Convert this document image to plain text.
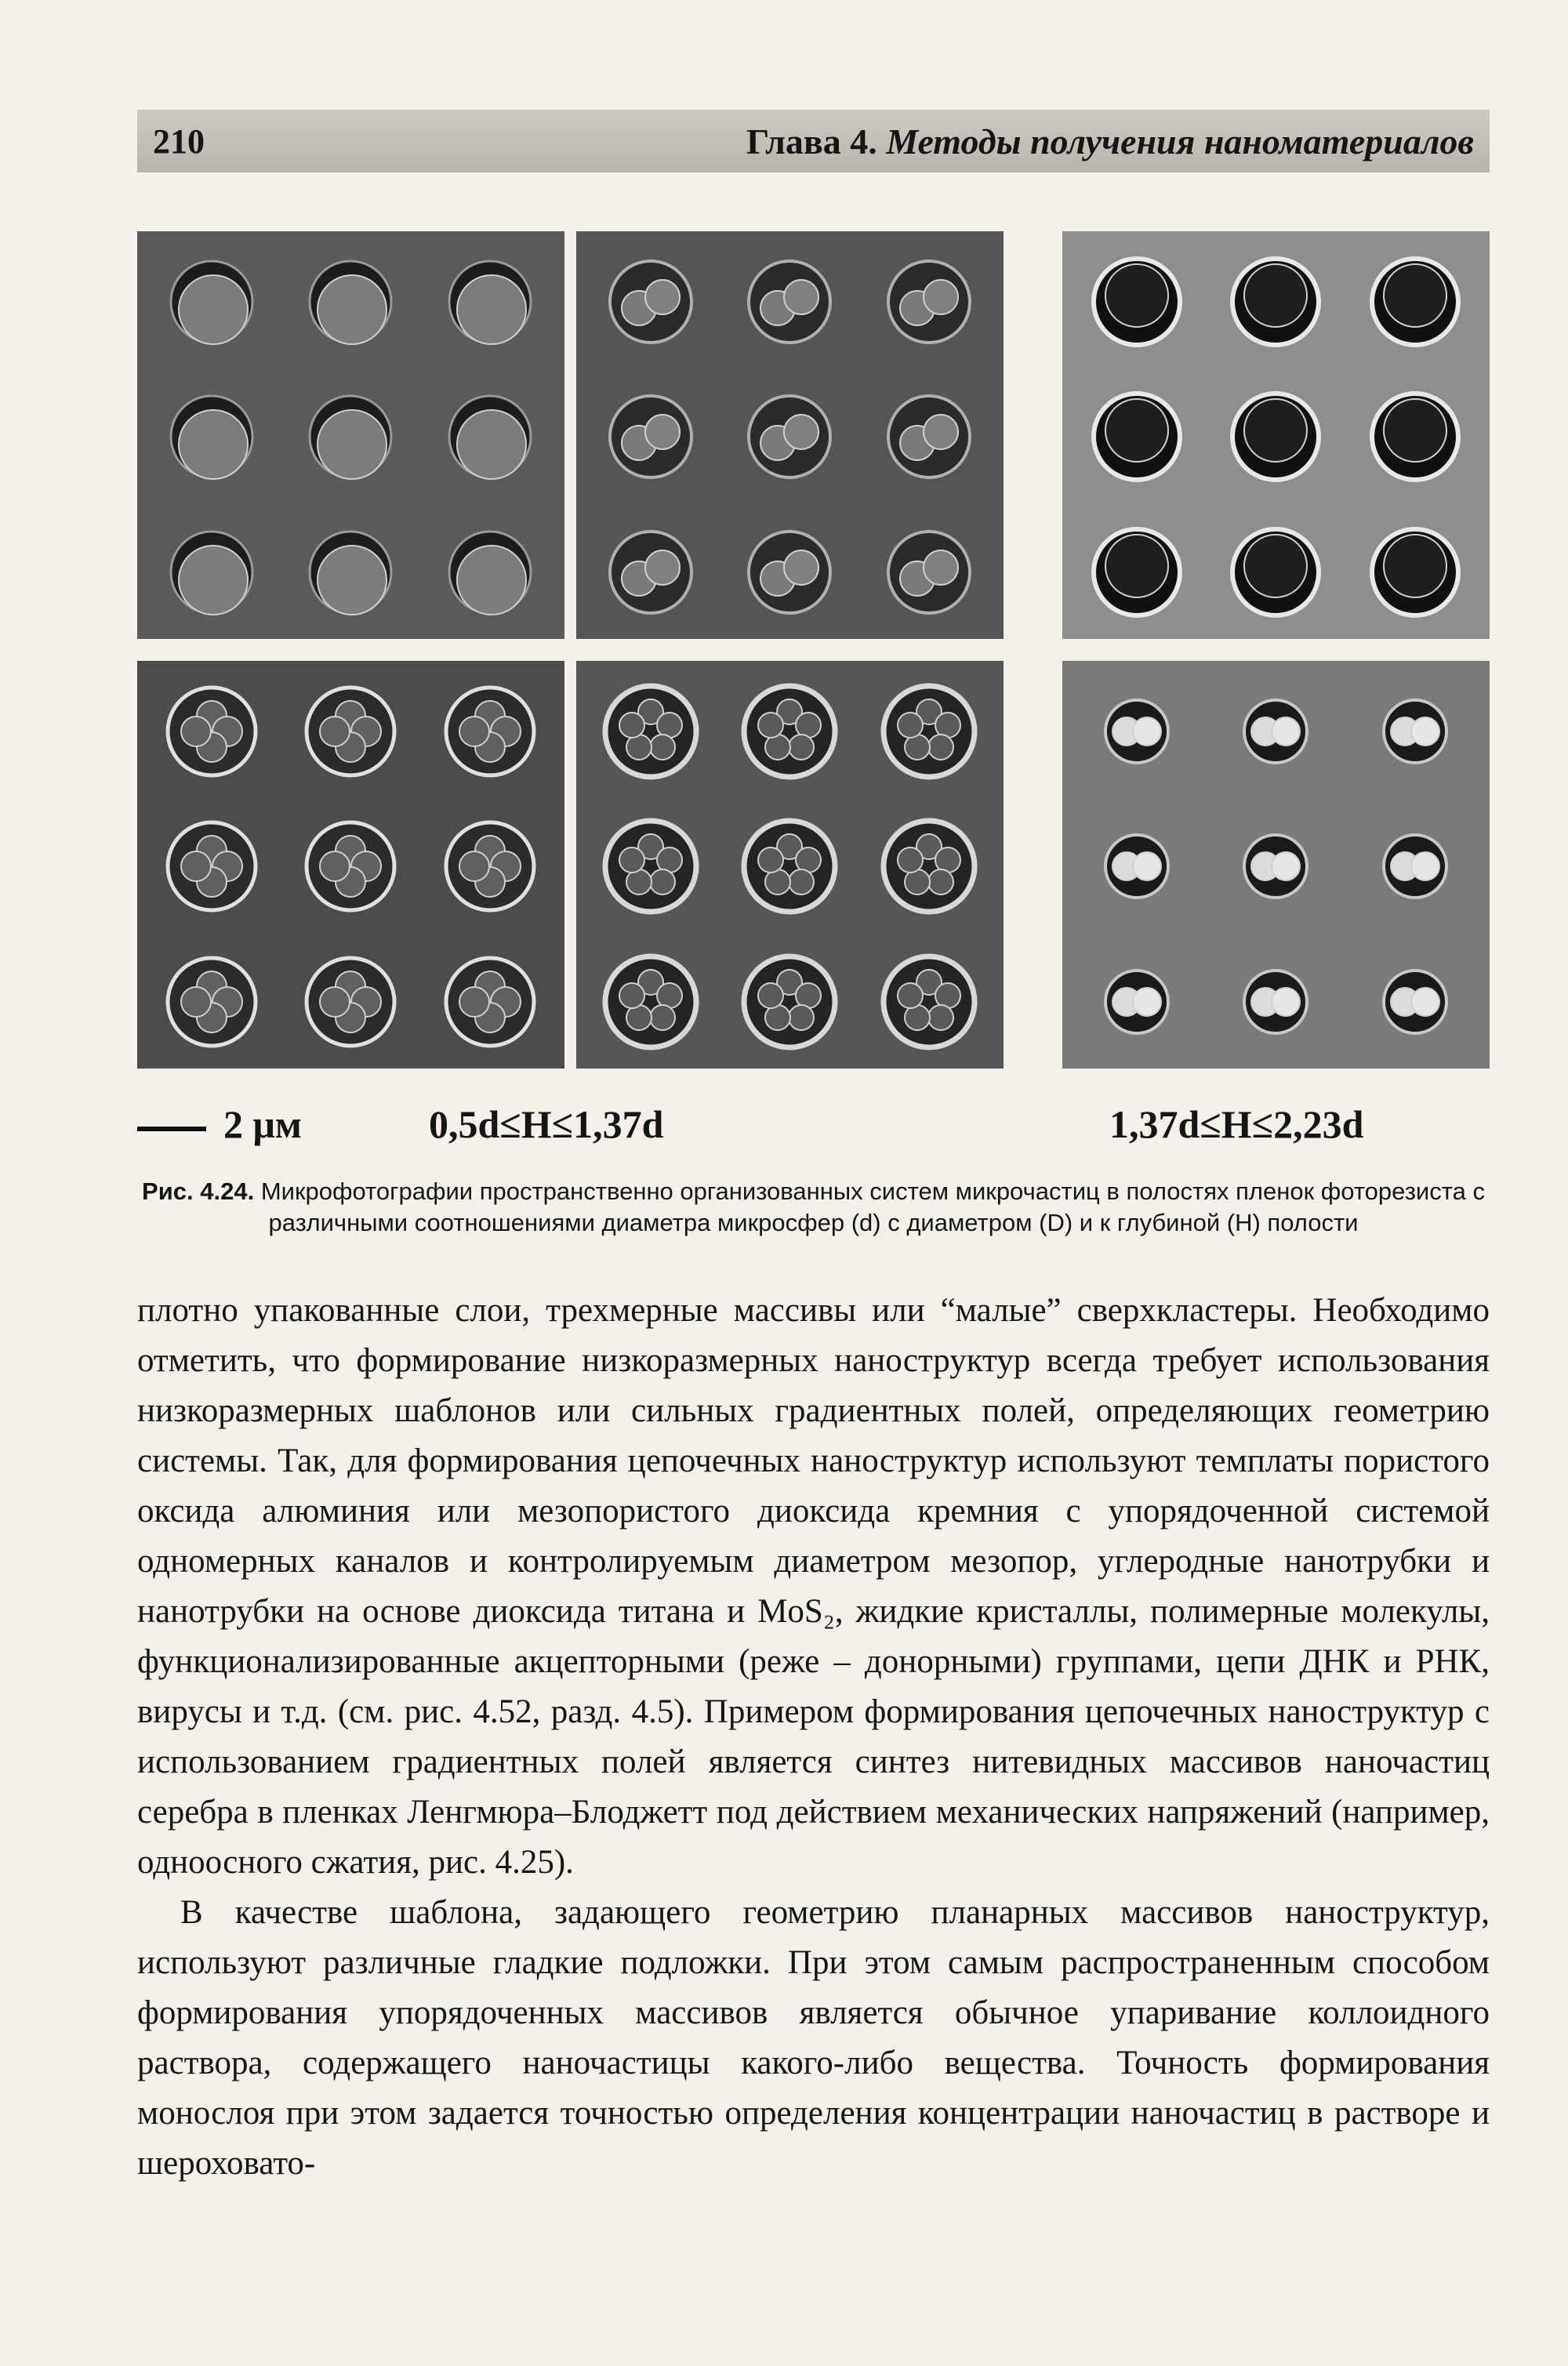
210	Глава 4. Методы получения наноматериалов
2 μм	0,5d≤H≤1,37d	1,37d≤H≤2,23d
Рис. 4.24. Микрофотографии пространственно организованных систем микрочастиц в полостях пленок фоторезиста с различными соотношениями диаметра микросфер (d) с диаметром (D) и к глубиной (H) полости

плотно упакованные слои, трехмерные массивы или “малые” сверхкластеры. Необходимо отметить, что формирование низкоразмерных наноструктур всегда требует использования низкоразмерных шаблонов или сильных градиентных полей, определяющих геометрию системы. Так, для формирования цепочечных наноструктур используют темплаты пористого оксида алюминия или мезопористого диоксида кремния с упорядоченной системой одномерных каналов и контролируемым диаметром мезопор, углеродные нанотрубки и нанотрубки на основе диоксида титана и MoS₂, жидкие кристаллы, полимерные молекулы, функционализированные акцепторными (реже – донорными) группами, цепи ДНК и РНК, вирусы и т.д. (см. рис. 4.52, разд. 4.5). Примером формирования цепочечных наноструктур с использованием градиентных полей является синтез нитевидных массивов наночастиц серебра в пленках Ленгмюра–Блоджетт под действием механических напряжений (например, одноосного сжатия, рис. 4.25).

В качестве шаблона, задающего геометрию планарных массивов наноструктур, используют различные гладкие подложки. При этом самым распространенным способом формирования упорядоченных массивов является обычное упаривание коллоидного раствора, содержащего наночастицы какого-либо вещества. Точность формирования монослоя при этом задается точностью определения концентрации наночастиц в растворе и шероховато-
